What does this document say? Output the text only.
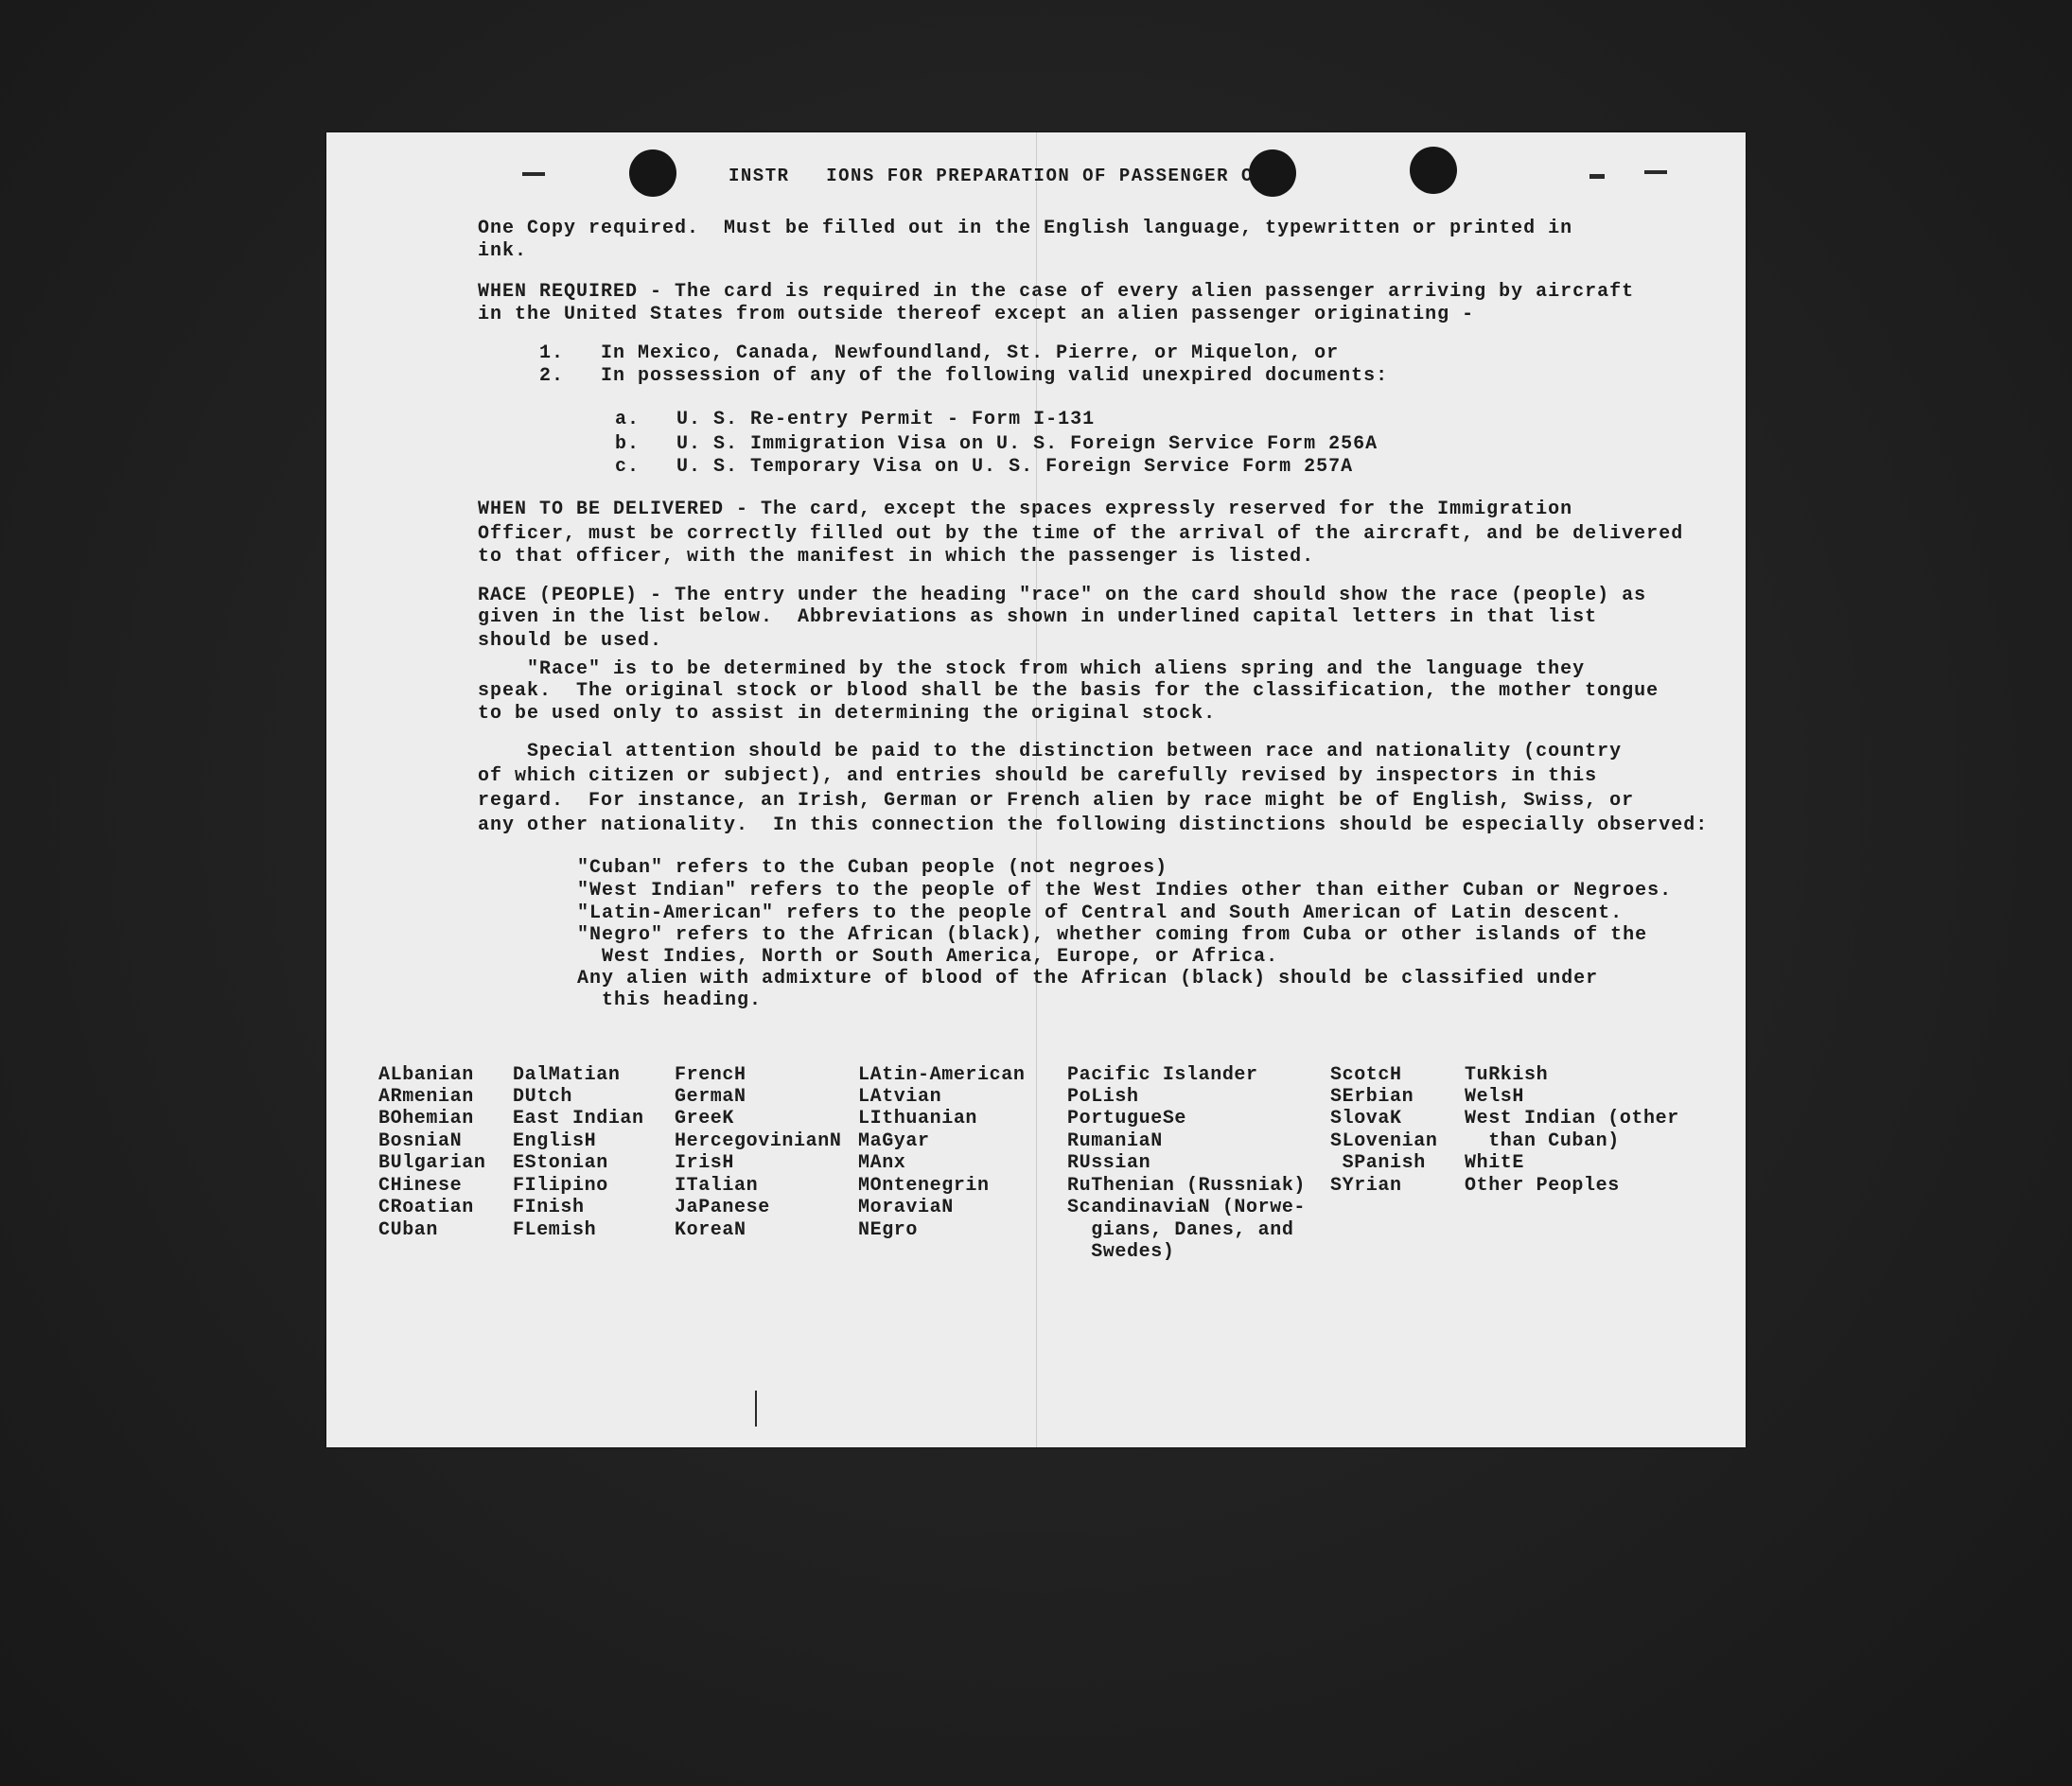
INSTR   IONS FOR PREPARATION OF PASSENGER C
One Copy required.  Must be filled out in the English language, typewritten or printed in
ink.
WHEN REQUIRED - The card is required in the case of every alien passenger arriving by aircraft
in the United States from outside thereof except an alien passenger originating -
1.   In Mexico, Canada, Newfoundland, St. Pierre, or Miquelon, or
2.   In possession of any of the following valid unexpired documents:
a.   U. S. Re-entry Permit - Form I-131
b.   U. S. Immigration Visa on U. S. Foreign Service Form 256A
c.   U. S. Temporary Visa on U. S. Foreign Service Form 257A
WHEN TO BE DELIVERED - The card, except the spaces expressly reserved for the Immigration
Officer, must be correctly filled out by the time of the arrival of the aircraft, and be delivered
to that officer, with the manifest in which the passenger is listed.
RACE (PEOPLE) - The entry under the heading "race" on the card should show the race (people) as
given in the list below.  Abbreviations as shown in underlined capital letters in that list
should be used.
"Race" is to be determined by the stock from which aliens spring and the language they
speak.  The original stock or blood shall be the basis for the classification, the mother tongue
to be used only to assist in determining the original stock.
Special attention should be paid to the distinction between race and nationality (country
of which citizen or subject), and entries should be carefully revised by inspectors in this
regard.  For instance, an Irish, German or French alien by race might be of English, Swiss, or
any other nationality.  In this connection the following distinctions should be especially observed:
"Cuban" refers to the Cuban people (not negroes)
"West Indian" refers to the people of the West Indies other than either Cuban or Negroes.
"Latin-American" refers to the people of Central and South American of Latin descent.
"Negro" refers to the African (black), whether coming from Cuba or other islands of the
West Indies, North or South America, Europe, or Africa.
Any alien with admixture of blood of the African (black) should be classified under
this heading.
ALbanian
ARmenian
BOhemian
BosniaN
BUlgarian
CHinese
CRoatian
CUban
DalMatian
DUtch
East Indian
EnglisH
EStonian
FIlipino
FInish
FLemish
FrencH
GermaN
GreeK
HercegovinianN
IrisH
ITalian
JaPanese
KoreaN
LAtin-American
LAtvian
LIthuanian
MaGyar
MAnx
MOntenegrin
MoraviaN
NEgro
Pacific Islander
PoLish
PortugueSe
RumaniaN
RUssian
RuThenian (Russniak)
ScandinaviaN (Norwe-
gians, Danes, and
Swedes)
ScotcH
SErbian
SlovaK
SLovenian
SPanish
SYrian
TuRkish
WelsH
West Indian (other
than Cuban)
WhitE
Other Peoples
